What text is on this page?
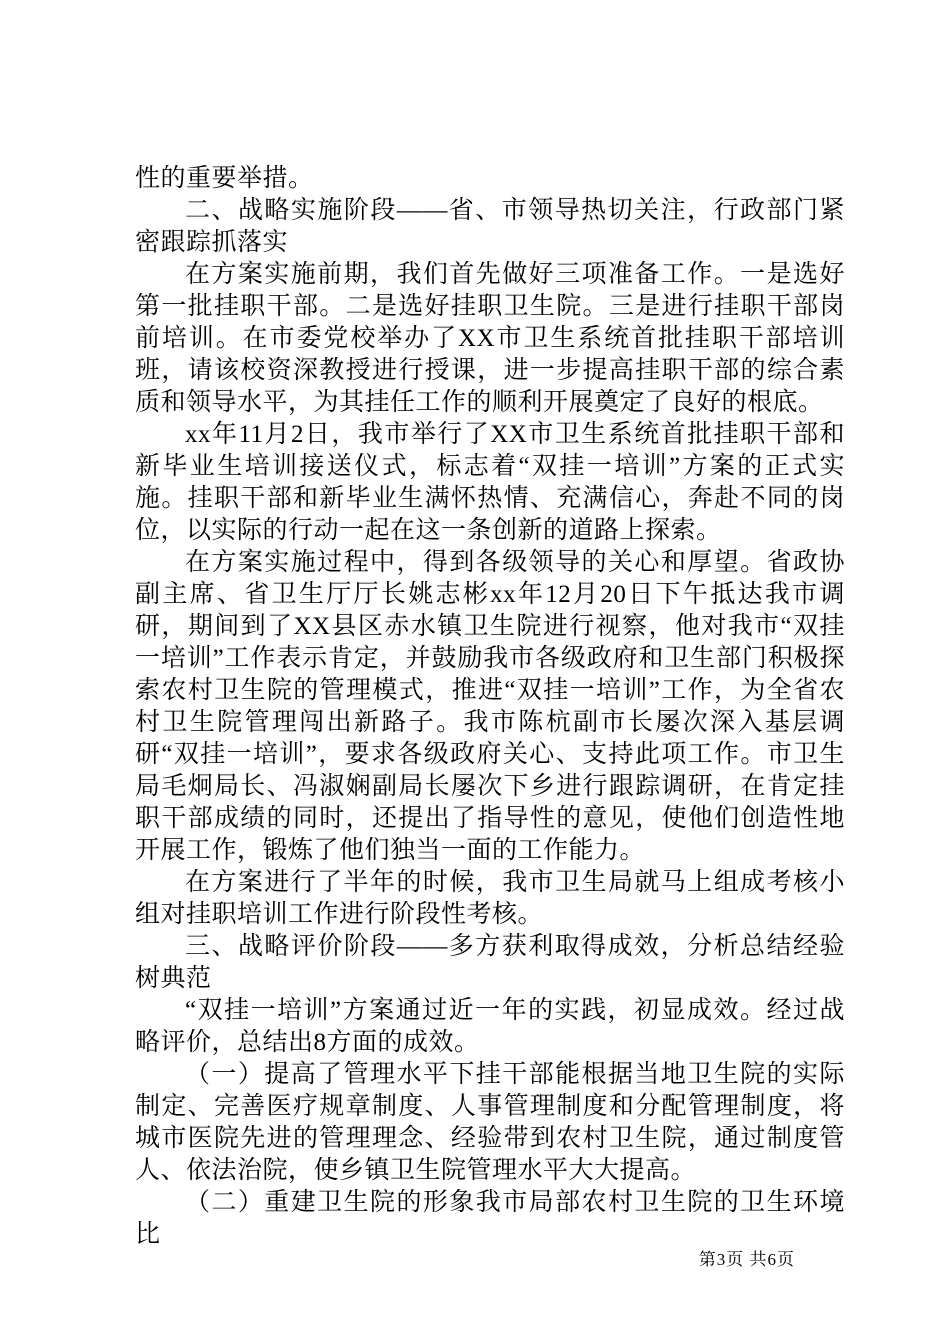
性的重要举措。

二、战略实施阶段——省、市领导热切关注，行政部门紧密跟踪抓落实

在方案实施前期，我们首先做好三项准备工作。一是选好第一批挂职干部。二是选好挂职卫生院。三是进行挂职干部岗前培训。在市委党校举办了XX市卫生系统首批挂职干部培训班，请该校资深教授进行授课，进一步提高挂职干部的综合素质和领导水平，为其挂任工作的顺利开展奠定了良好的根底。

xx年11月2日，我市举行了XX市卫生系统首批挂职干部和新毕业生培训接送仪式，标志着“双挂一培训”方案的正式实施。挂职干部和新毕业生满怀热情、充满信心，奔赴不同的岗位，以实际的行动一起在这一条创新的道路上探索。

在方案实施过程中，得到各级领导的关心和厚望。省政协副主席、省卫生厅厅长姚志彬xx年12月20日下午抵达我市调研，期间到了XX县区赤水镇卫生院进行视察，他对我市“双挂一培训”工作表示肯定，并鼓励我市各级政府和卫生部门积极探索农村卫生院的管理模式，推进“双挂一培训”工作，为全省农村卫生院管理闯出新路子。我市陈杭副市长屡次深入基层调研“双挂一培训”，要求各级政府关心、支持此项工作。市卫生局毛炯局长、冯淑娴副局长屡次下乡进行跟踪调研，在肯定挂职干部成绩的同时，还提出了指导性的意见，使他们创造性地开展工作，锻炼了他们独当一面的工作能力。

在方案进行了半年的时候，我市卫生局就马上组成考核小组对挂职培训工作进行阶段性考核。

三、战略评价阶段——多方获利取得成效，分析总结经验树典范

“双挂一培训”方案通过近一年的实践，初显成效。经过战略评价，总结出8方面的成效。

（一）提高了管理水平下挂干部能根据当地卫生院的实际制定、完善医疗规章制度、人事管理制度和分配管理制度，将城市医院先进的管理理念、经验带到农村卫生院，通过制度管人、依法治院，使乡镇卫生院管理水平大大提高。

（二）重建卫生院的形象我市局部农村卫生院的卫生环境比

第3页 共6页
